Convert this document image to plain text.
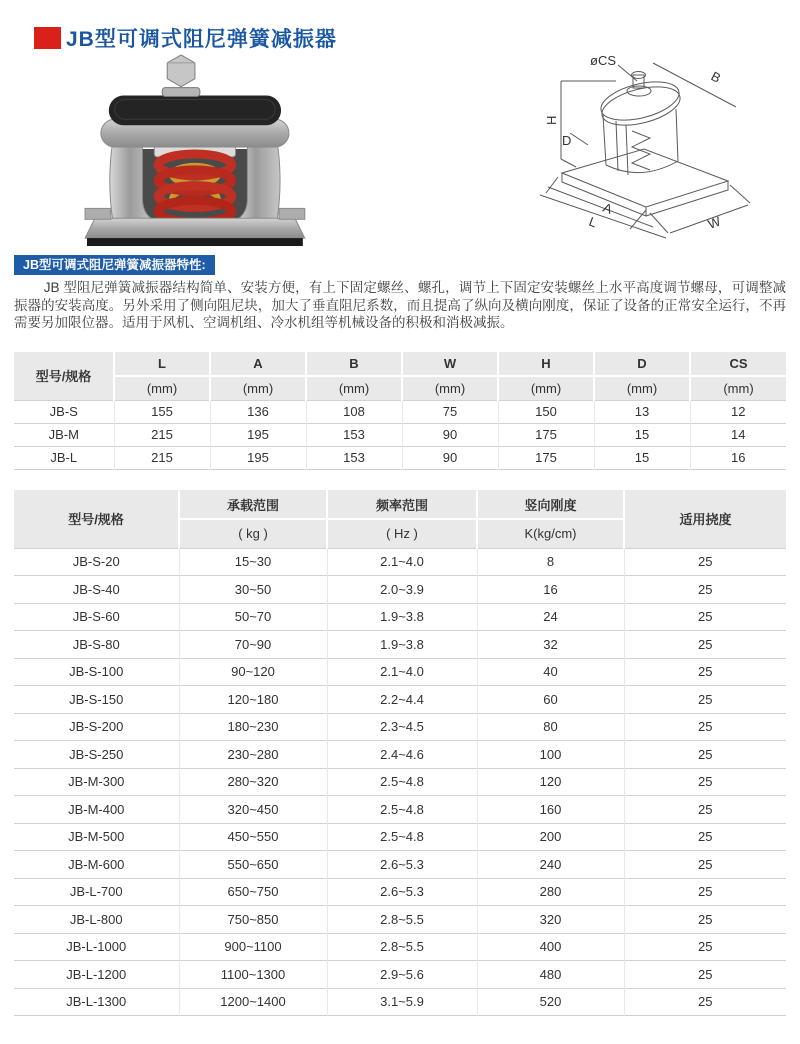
JB型可调式阻尼弹簧减振器
øCS
B
H
D
A
L	W
JB型可调式阻尼弹簧减振器特性:

JB 型阻尼弹簧减振器结构简单、安装方便，有上下固定螺丝、螺孔，调节上下固定安装螺丝上水平高度调节螺母，可调整减振器的安装高度。另外采用了侧向阻尼块，加大了垂直阻尼系数，而且提高了纵向及横向刚度，保证了设备的正常安全运行，不再需要另加限位器。适用于风机、空调机组、冷水机组等机械设备的积极和消极减振。

型号/规格	L	A	B	W	H	D	CS
	(mm)	(mm)	(mm)	(mm)	(mm)	(mm)	(mm)
JB-S	155	136	108	75	150	13	12
JB-M	215	195	153	90	175	15	14
JB-L	215	195	153	90	175	15	16
型号/规格	承载范围	频率范围	竖向刚度	适用挠度
	( kg )	( Hz )	K(kg/cm)	
JB-S-20	15~30	2.1~4.0	8	25
JB-S-40	30~50	2.0~3.9	16	25
JB-S-60	50~70	1.9~3.8	24	25
JB-S-80	70~90	1.9~3.8	32	25
JB-S-100	90~120	2.1~4.0	40	25
JB-S-150	120~180	2.2~4.4	60	25
JB-S-200	180~230	2.3~4.5	80	25
JB-S-250	230~280	2.4~4.6	100	25
JB-M-300	280~320	2.5~4.8	120	25
JB-M-400	320~450	2.5~4.8	160	25
JB-M-500	450~550	2.5~4.8	200	25
JB-M-600	550~650	2.6~5.3	240	25
JB-L-700	650~750	2.6~5.3	280	25
JB-L-800	750~850	2.8~5.5	320	25
JB-L-1000	900~1100	2.8~5.5	400	25
JB-L-1200	1100~1300	2.9~5.6	480	25
JB-L-1300	1200~1400	3.1~5.9	520	25
